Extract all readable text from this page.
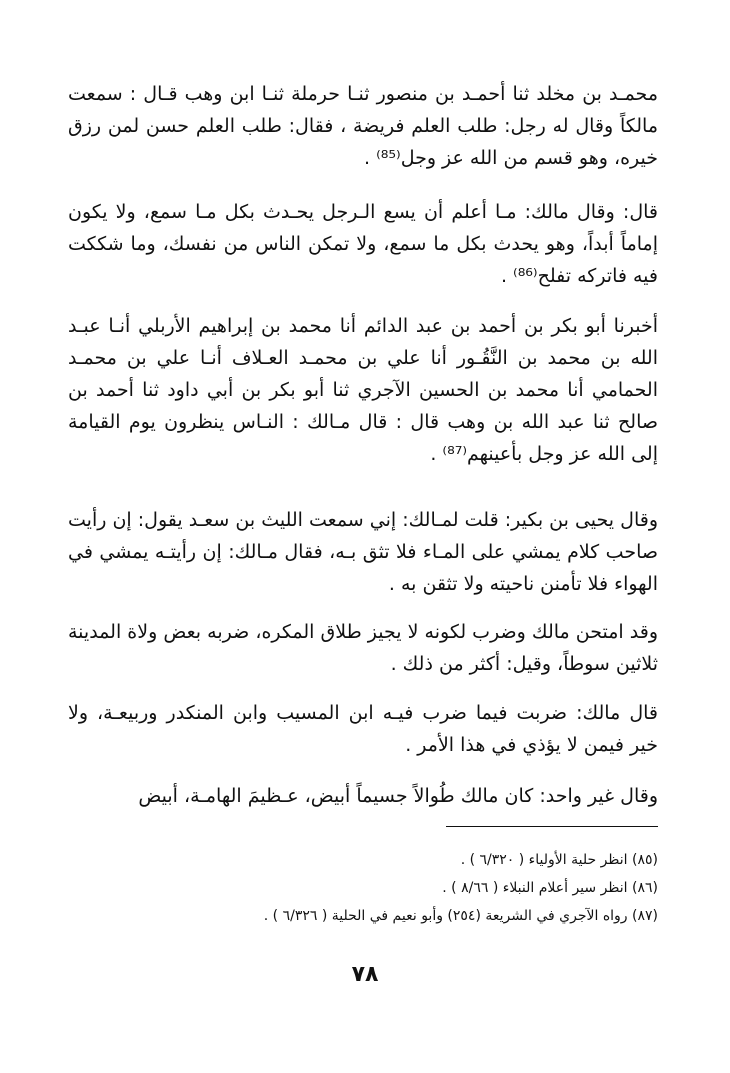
محمـد بن مخلد ثنا أحمـد بن منصور ثنـا حرملة ثنـا ابن وهب قـال : سمعت مالكاً وقال له رجل: طلب العلم فريضة ، فقال: طلب العلم حسن لمن رزق خيره، وهو قسم من الله عز وجل⁽⁸⁵⁾ .

قال: وقال مالك: مـا أعلم أن يسع الـرجل يحـدث بكل مـا سمع، ولا يكون إماماً أبداً، وهو يحدث بكل ما سمع، ولا تمكن الناس من نفسك، وما شككت فيه فاتركه تفلح⁽⁸⁶⁾ .

أخبرنا أبو بكر بن أحمد بن عبد الدائم أنا محمد بن إبراهيم الأربلي أنـا عبـد الله بن محمد بن النَّقُـور أنا علي بن محمـد العـلاف أنـا علي بن محمـد الحمامي أنا محمد بن الحسين الآجري ثنا أبو بكر بن أبي داود ثنا أحمد بن صالح ثنا عبد الله بن وهب قال : قال مـالك : النـاس ينظرون يوم القيامة إلى الله عز وجل بأعينهم⁽⁸⁷⁾ .

وقال يحيى بن بكير: قلت لمـالك: إني سمعت الليث بن سعـد يقول: إن رأيت صاحب كلام يمشي على المـاء فلا تثق بـه، فقال مـالك: إن رأيتـه يمشي في الهواء فلا تأمنن ناحيته ولا تثقن به .

وقد امتحن مالك وضرب لكونه لا يجيز طلاق المكره، ضربه بعض ولاة المدينة ثلاثين سوطاً، وقيل: أكثر من ذلك .

قال مالك: ضربت فيما ضرب فيـه ابن المسيب وابن المنكدر وربيعـة، ولا خير فيمن لا يؤذي في هذا الأمر .

وقال غير واحد: كان مالك طُوالاً جسيماً أبيض، عـظيمَ الهامـة، أبيض

(٨٥) انظر حلية الأولياء ( ٦/٣٢٠ ) .
(٨٦) انظر سير أعلام النبلاء ( ٨/٦٦ ) .
(٨٧) رواه الآجري في الشريعة (٢٥٤) وأبو نعيم في الحلية ( ٦/٣٢٦ ) .
٧٨
